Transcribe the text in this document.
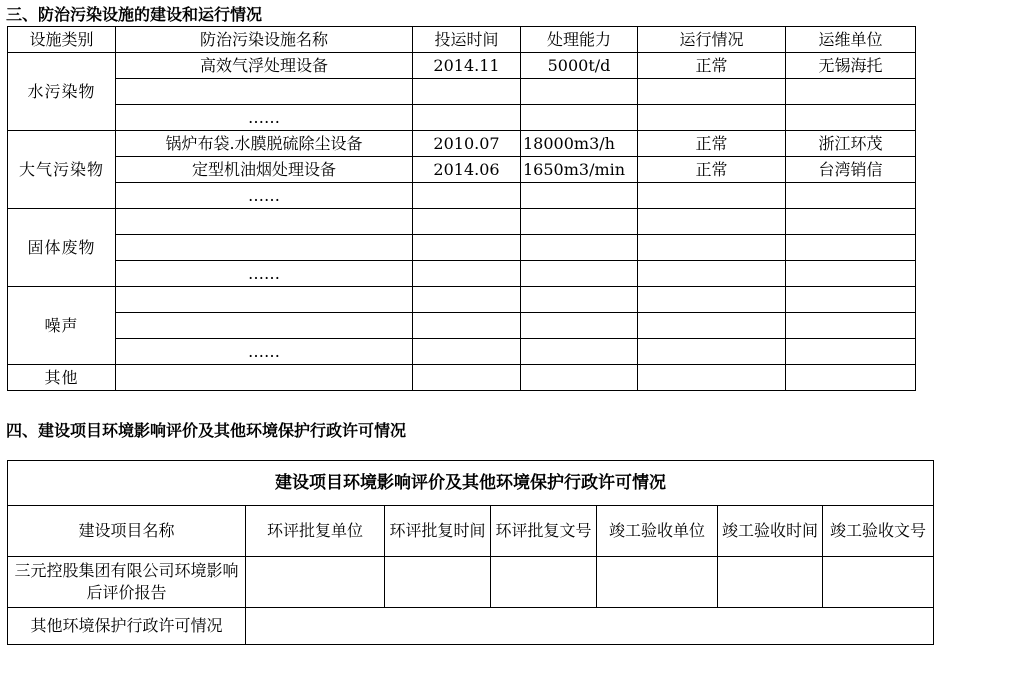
三、防治污染设施的建设和运行情况
设施类别	防治污染设施名称	投运时间	处理能力	运行情况	运维单位
水污染物	高效气浮处理设备	2014.11	5000t/d	正常	无锡海托

	……				
大气污染物	锅炉布袋.水膜脱硫除尘设备	2010.07	18000m3/h	正常	浙江环茂
	定型机油烟处理设备	2014.06	1650m3/min	正常	台湾销信
	……				
固体废物					

	……				
噪声					

	……				
其他					
四、建设项目环境影响评价及其他环境保护行政许可情况
建设项目环境影响评价及其他环境保护行政许可情况						
建设项目名称	环评批复单位	环评批复时间	环评批复文号	竣工验收单位	竣工验收时间	竣工验收文号
三元控股集团有限公司环境影响后评价报告						
其他环境保护行政许可情况						
